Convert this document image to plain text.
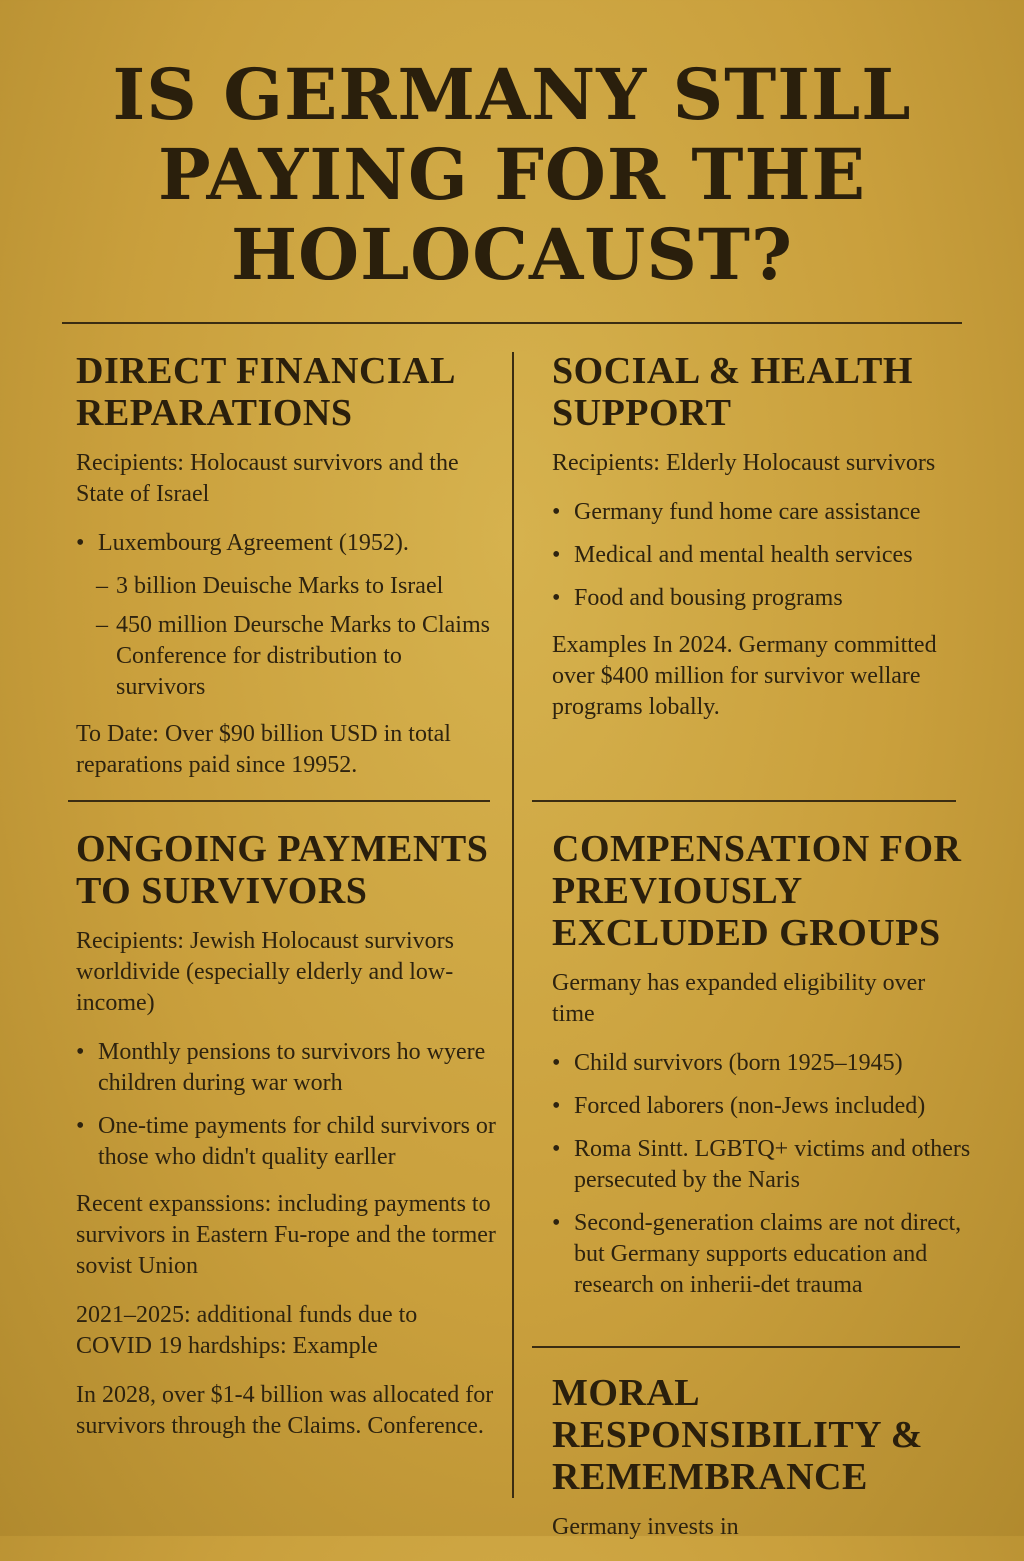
IS GERMANY STILL
PAYING FOR THE
HOLOCAUST?
DIRECT FINANCIAL REPARATIONS

Recipients: Holocaust survivors and the State of Israel

• Luxembourg Agreement (1952).
– 3 billion Deuische Marks to Israel
– 450 million Deursche Marks to Claims Conference for distribution to survivors

To Date: Over $90 billion USD in total reparations paid since 19952.

SOCIAL & HEALTH SUPPORT

Recipients: Elderly Holocaust survivors

• Germany fund home care assistance
• Medical and mental health services
• Food and bousing programs

Examples In 2024. Germany committed over $400 million for survivor wellare programs lobally.

ONGOING PAYMENTS TO SURVIVORS

Recipients: Jewish Holocaust survivors worldivide (especially elderly and low-income)

• Monthly pensions to survivors ho wyere children during war worh
• One-time payments for child survivors or those who didn't quality earller

Recent expanssions: including payments to survivors in Eastern Fu-rope and the tormer sovist Union

2021–2025: additional funds due to COVID 19 hardships: Example

In 2028, over $1-4 billion was allocated for survivors through the Claims. Conference.

COMPENSATION FOR PREVIOUSLY EXCLUDED GROUPS

Germany has expanded eligibility over time

• Child survivors (born 1925–1945)
• Forced laborers (non-Jews included)
• Roma Sintt. LGBTQ+ victims and others persecuted by the Naris
• Second-generation claims are not direct, but Germany supports education and research on inherii-det trauma
MORAL RESPONSIBILITY & REMEMBRANCE

Germany invests in
